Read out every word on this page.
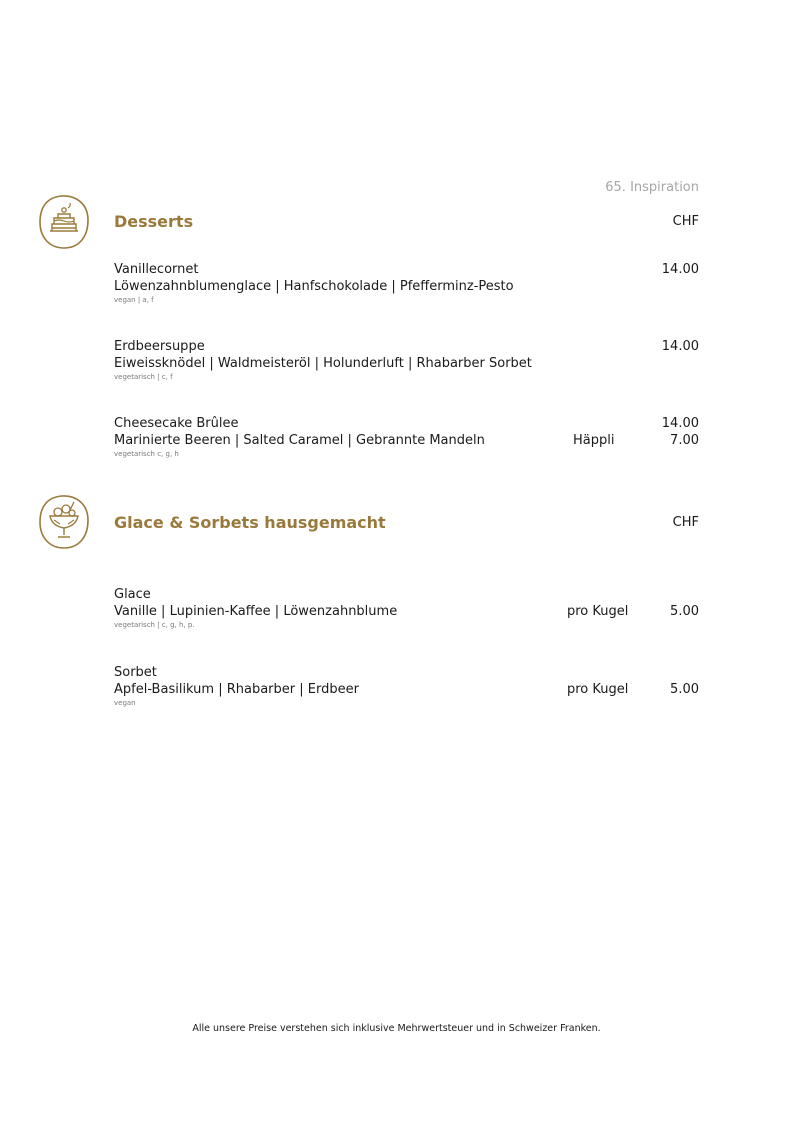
65. Inspiration
Desserts	CHF
Vanillecornet	14.00
Löwenzahnblumenglace | Hanfschokolade | Pfefferminz-Pesto
vegan | a, f
Erdbeersuppe	14.00
Eiweissknödel | Waldmeisteröl | Holunderluft | Rhabarber Sorbet
vegetarisch | c, f
Cheesecake Brûlee	14.00
Marinierte Beeren | Salted Caramel | Gebrannte Mandeln	Häppli	7.00
vegetarisch c, g, h
Glace & Sorbets hausgemacht	CHF
Glace
Vanille | Lupinien-Kaffee | Löwenzahnblume	pro Kugel	5.00
vegetarisch | c, g, h, p.
Sorbet
Apfel-Basilikum | Rhabarber | Erdbeer	pro Kugel	5.00
vegan
Alle unsere Preise verstehen sich inklusive Mehrwertsteuer und in Schweizer Franken.
